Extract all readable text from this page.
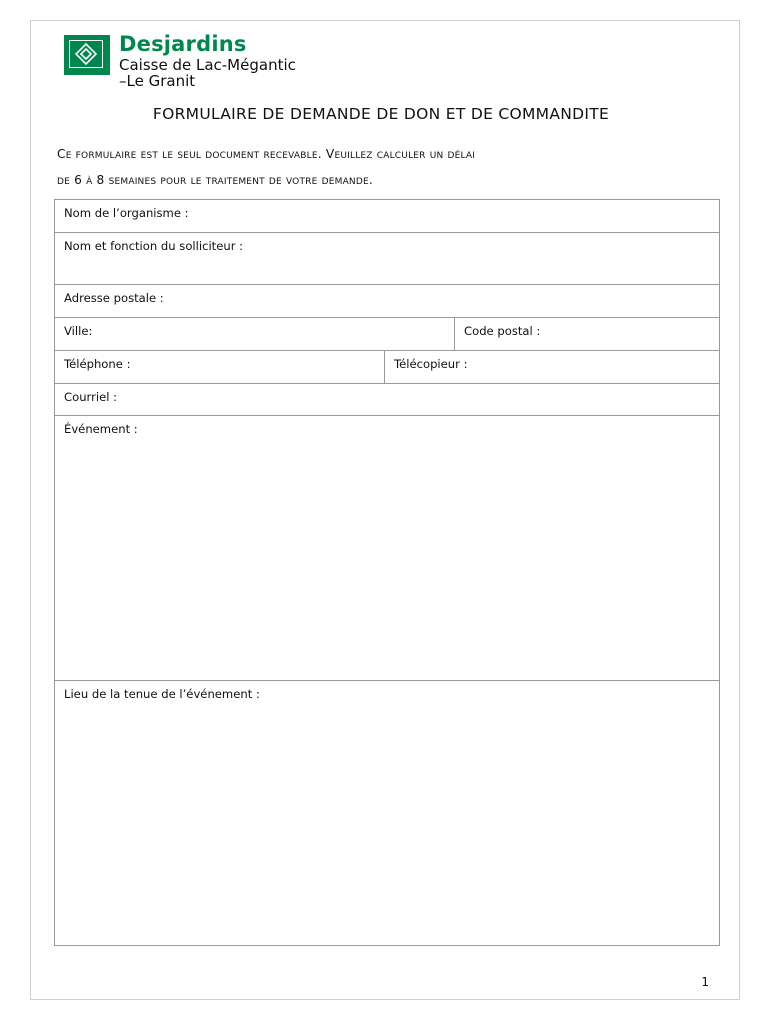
Desjardins
Caisse de Lac-Mégantic
–Le Granit
FORMULAIRE DE DEMANDE DE DON ET DE COMMANDITE
Ce formulaire est le seul document recevable. Veuillez calculer un délai
de 6 à 8 semaines pour le traitement de votre demande.
Nom de l’organisme :
Nom et fonction du solliciteur :
Adresse postale :
Ville:	Code postal :
Téléphone :	Télécopieur :
Courriel :
Événement :
Lieu de la tenue de l’événement :
1
